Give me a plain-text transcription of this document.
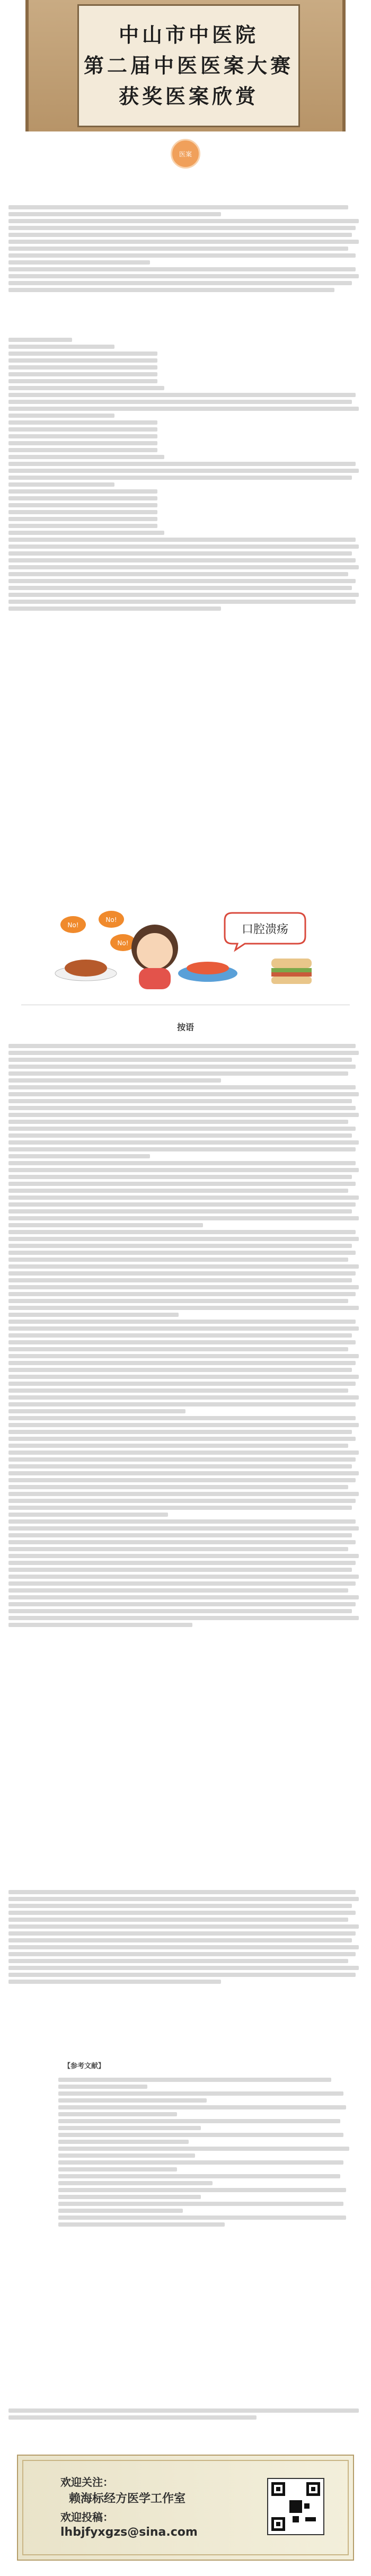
中山市中医院
第二届中医医案大赛
获奖医案欣赏
医案
No!
No!
No!
口腔溃疡
按语
【参考文献】
欢迎关注：
赖海标经方医学工作室
欢迎投稿：
lhbjfyxgzs@sina.com
